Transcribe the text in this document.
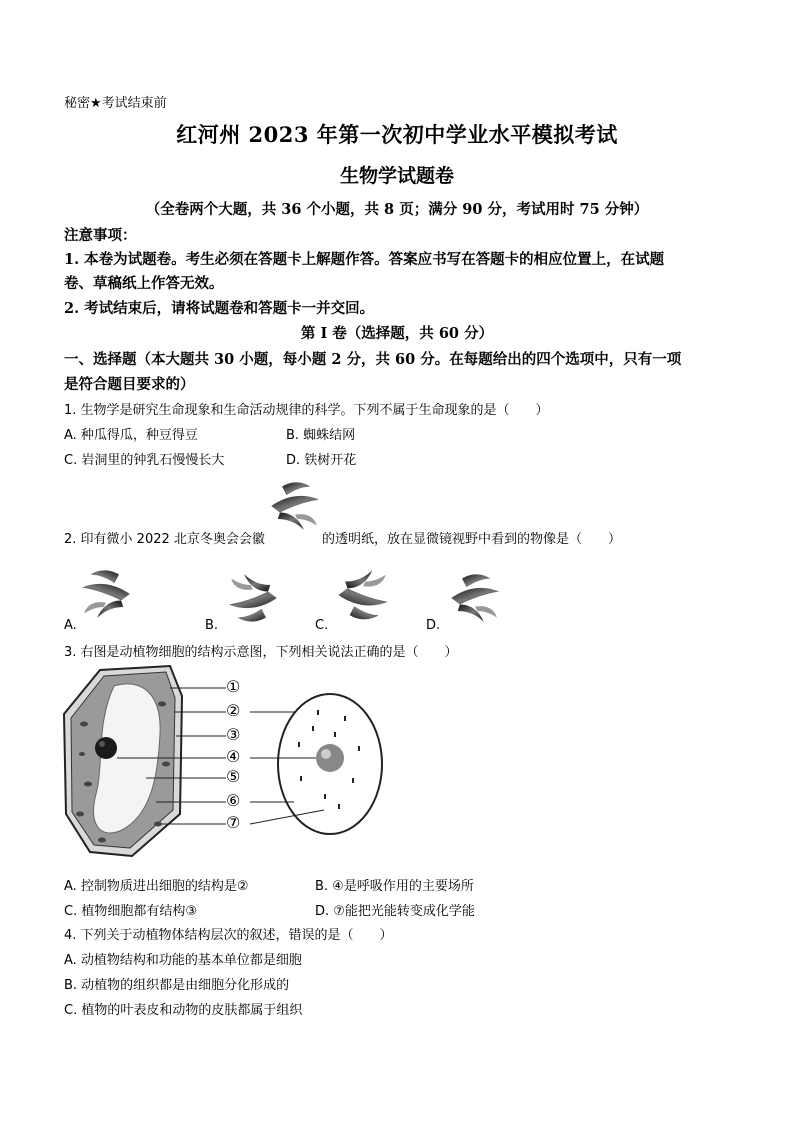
秘密★考试结束前
红河州 2023 年第一次初中学业水平模拟考试
生物学试题卷
（全卷两个大题，共 36 个小题，共 8 页；满分 90 分，考试用时 75 分钟）
注意事项：
1. 本卷为试题卷。考生必须在答题卡上解题作答。答案应书写在答题卡的相应位置上，在试题
卷、草稿纸上作答无效。
2. 考试结束后，请将试题卷和答题卡一并交回。
第 I 卷（选择题，共 60 分）
一、选择题（本大题共 30 小题，每小题 2 分，共 60 分。在每题给出的四个选项中，只有一项
是符合题目要求的）
1. 生物学是研究生命现象和生命活动规律的科学。下列不属于生命现象的是（　　）
A. 种瓜得瓜，种豆得豆	B. 蜘蛛结网
C. 岩洞里的钟乳石慢慢长大	D. 铁树开花
2. 印有微小 2022 北京冬奥会会徽	的透明纸，放在显微镜视野中看到的物像是（　　）
A.	B.	C.	D.
3. 右图是动植物细胞的结构示意图，下列相关说法正确的是（　　）
①
②
③
④
⑤
⑥
⑦
A. 控制物质进出细胞的结构是②	B. ④是呼吸作用的主要场所
C. 植物细胞都有结构③	D. ⑦能把光能转变成化学能
4. 下列关于动植物体结构层次的叙述，错误的是（　　）
A. 动植物结构和功能的基本单位都是细胞
B. 动植物的组织都是由细胞分化形成的
C. 植物的叶表皮和动物的皮肤都属于组织
